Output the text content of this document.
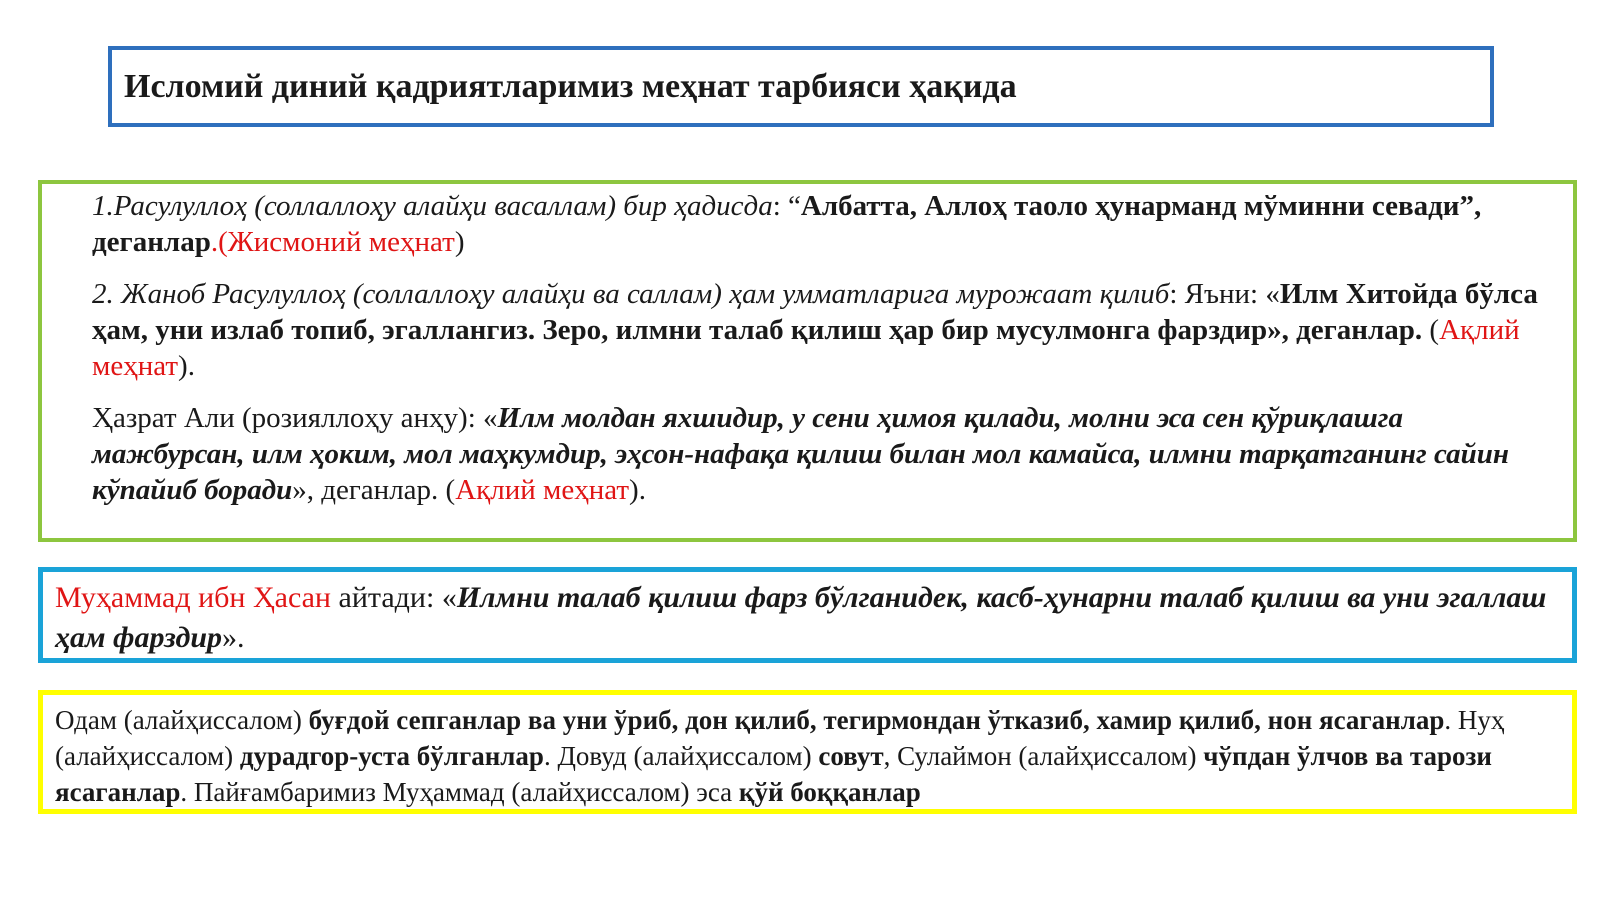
Исломий диний қадриятларимиз меҳнат тарбияси ҳақида

1.Расулуллоҳ (соллаллоҳу алайҳи васаллам) бир ҳадисда: “Албатта, Аллоҳ таоло ҳунарманд мўминни севади”, деганлар.(Жисмоний меҳнат)

2. Жаноб Расулуллоҳ (соллаллоҳу алайҳи ва саллам) ҳам умматларига мурожаат қилиб: Яъни: «Илм Хитойда бўлса ҳам, уни излаб топиб, эгаллангиз. Зеро, илмни талаб қилиш ҳар бир мусулмонга фарздир», деганлар. (Ақлий меҳнат).

Ҳазрат Али (розияллоҳу анҳу): «Илм молдан яхшидир, у сени ҳимоя қилади, молни эса сен қўриқлашга мажбурсан, илм ҳоким, мол маҳкумдир, эҳсон-нафақа қилиш билан мол камайса, илмни тарқатганинг сайин кўпайиб боради», деганлар. (Ақлий меҳнат).

Муҳаммад ибн Ҳасан айтади: «Илмни талаб қилиш фарз бўлганидек, касб-ҳунарни талаб қилиш ва уни эгаллаш ҳам фарздир».
Одам (алайҳиссалом) буғдой сепганлар ва уни ўриб, дон қилиб, тегирмондан ўтказиб, хамир қилиб, нон ясаганлар. Нуҳ (алайҳиссалом) дурадгор-уста бўлганлар. Довуд (алайҳиссалом) совут, Сулаймон (алайҳиссалом) чўпдан ўлчов ва тарози ясаганлар. Пайғамбаримиз Муҳаммад (алайҳиссалом) эса қўй боққанлар
